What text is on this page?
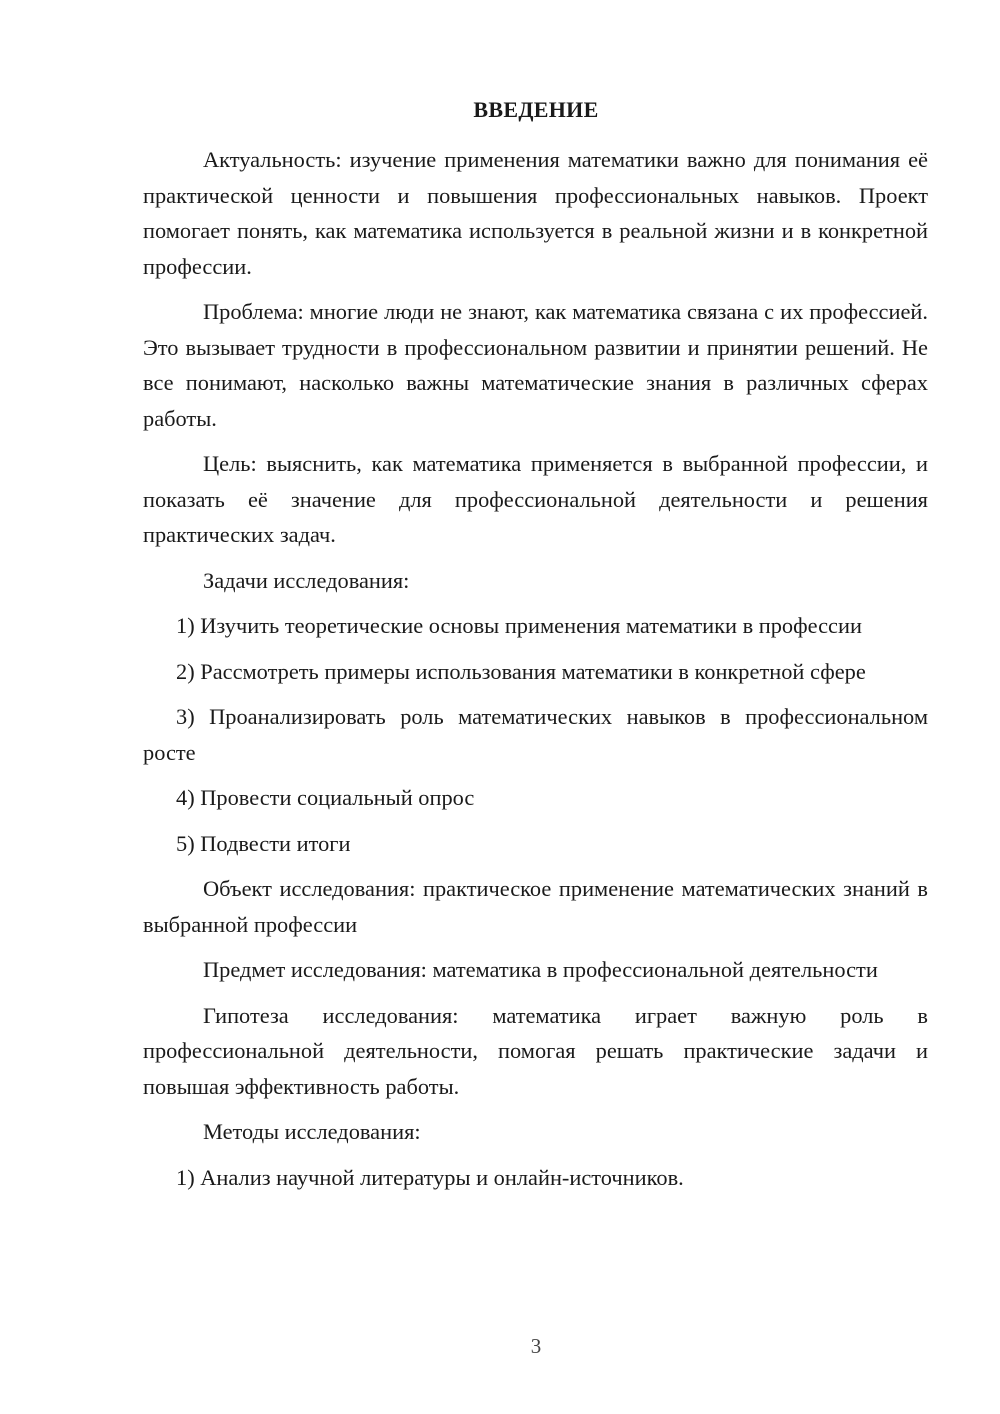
ВВЕДЕНИЕ

Актуальность: изучение применения математики важно для понимания её практической ценности и повышения профессиональных навыков. Проект помогает понять, как математика используется в реальной жизни и в конкретной профессии.

Проблема: многие люди не знают, как математика связана с их профессией. Это вызывает трудности в профессиональном развитии и принятии решений. Не все понимают, насколько важны математические знания в различных сферах работы.

Цель: выяснить, как математика применяется в выбранной профессии, и показать её значение для профессиональной деятельности и решения практических задач.

Задачи исследования:

1) Изучить теоретические основы применения математики в профессии

2) Рассмотреть примеры использования математики в конкретной сфере

3) Проанализировать роль математических навыков в профессиональном росте

4) Провести социальный опрос

5) Подвести итоги

Объект исследования: практическое применение математических знаний в выбранной профессии

Предмет исследования: математика в профессиональной деятельности

Гипотеза исследования: математика играет важную роль в профессиональной деятельности, помогая решать практические задачи и повышая эффективность работы.

Методы исследования:

1) Анализ научной литературы и онлайн-источников.

3
